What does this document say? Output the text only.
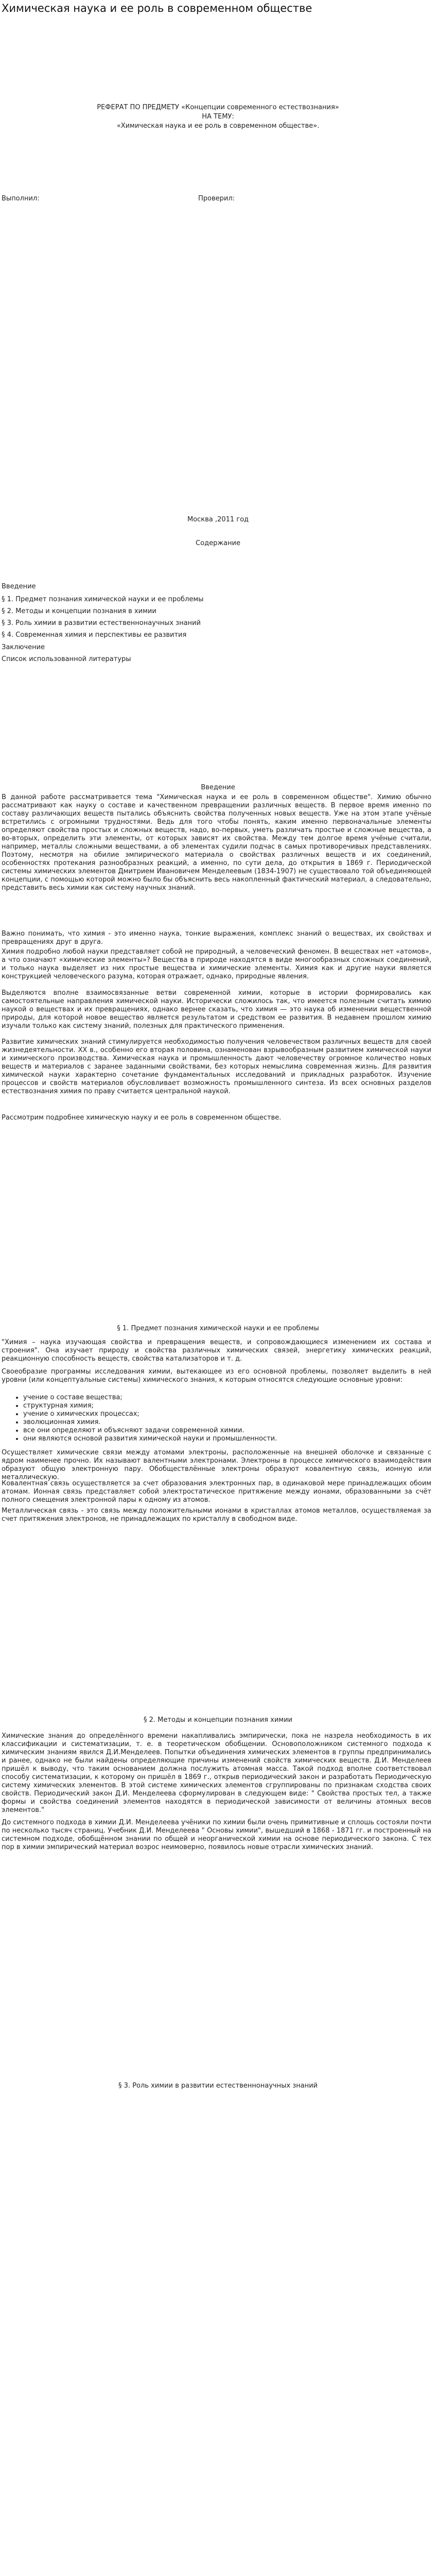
Химическая наука и ее роль в современном обществе
РЕФЕРАТ ПО ПРЕДМЕТУ «Концепции современного естествознания»
НА ТЕМУ:
«Химическая наука и ее роль в современном обществе».
Выполнил:	Проверил:
Москва ,2011 год
Содержание
Введение
§ 1. Предмет познания химической науки и ее проблемы
§ 2. Методы и концепции познания в химии
§ 3. Роль химии в развитии естественнонаучных знаний
§ 4. Современная химия и перспективы ее развития
Заключение
Список использованной литературы
Введение

В данной работе рассматривается тема "Химическая наука и ее роль в современном обществе". Химию обычно рассматривают как науку о составе и качественном превращении различных веществ. В первое время именно по составу различающих веществ пытались объяснить свойства полученных новых веществ. Уже на этом этапе учёные встретились с огромными трудностями. Ведь для того чтобы понять, каким именно первоначальные элементы определяют свойства простых и сложных веществ, надо, во-первых, уметь различать простые и сложные вещества, а во-вторых, определить эти элементы, от которых зависят их свойства. Между тем долгое время учёные считали, например, металлы сложными веществами, а об элементах судили подчас в самых противоречивых представлениях. Поэтому, несмотря на обилие эмпирического материала о свойствах различных веществ и их соединений, особенностях протекания разнообразных реакций, а именно, по сути дела, до открытия в 1869 г. Периодической системы химических элементов Дмитрием Ивановичем Менделеевым (1834-1907) не существовало той объединяющей концепции, с помощью которой можно было бы объяснить весь накопленный фактический материал, а следовательно, представить весь химии как систему научных знаний.

Важно понимать, что химия - это именно наука, тонкие выражения, комплекс знаний о веществах, их свойствах и превращениях друг в друга.

Химия подробно любой науки представляет собой не природный, а человеческий феномен. В веществах нет «атомов», а что означают «химические элементы»? Вещества в природе находятся в виде многообразных сложных соединений, и только наука выделяет из них простые вещества и химические элементы. Химия как и другие науки является конструкцией человеческого разума, которая отражает, однако, природные явления.

Выделяются вполне взаимосвязанные ветви современной химии, которые в истории формировались как самостоятельные направления химической науки. Исторически сложилось так, что имеется полезным считать химию наукой о веществах и их превращениях, однако вернее сказать, что химия — это наука об изменении вещественной природы, для которой новое вещество является результатом и средством ее развития. В недавнем прошлом химию изучали только как систему знаний, полезных для практического применения.

Развитие химических знаний стимулируется необходимостью получения человечеством различных веществ для своей жизнедеятельности. XX в., особенно его вторая половина, ознаменован взрывообразным развитием химической науки и химического производства. Химическая наука и промышленность дают человечеству огромное количество новых веществ и материалов с заранее заданными свойствами, без которых немыслима современная жизнь. Для развития химической науки характерно сочетание фундаментальных исследований и прикладных разработок. Изучение процессов и свойств материалов обусловливает возможность промышленного синтеза. Из всех основных разделов естествознания химия по праву считается центральной наукой.

Рассмотрим подробнее химическую науку и ее роль в современном обществе.

§ 1. Предмет познания химической науки и ее проблемы

"Химия – наука изучающая свойства и превращения веществ, и сопровождающиеся изменением их состава и строения". Она изучает природу и свойства различных химических связей, энергетику химических реакций, реакционную способность веществ, свойства катализаторов и т. д.

Своеобразие программы исследования химии, вытекающее из его основной проблемы, позволяет выделить в ней уровни (или концептуальные системы) химического знания, к которым относятся следующие основные уровни:

• учение о составе вещества;
• структурная химия;
• учение о химических процессах;
• эволюционная химия.
• все они определяют и объясняют задачи современной химии.
• они являются основой развития химической науки и промышленности.

Осуществляет химические связи между атомами электроны, расположенные на внешней оболочке и связанные с ядром наименее прочно. Их называют валентными электронами. Электроны в процессе химического взаимодействия образуют общую электронную пару. Обобществлённые электроны образуют ковалентную связь, ионную или металлическую.

Ковалентная связь осуществляется за счет образования электронных пар, в одинаковой мере принадлежащих обоим атомам. Ионная связь представляет собой электростатическое притяжение между ионами, образованными за счёт полного смещения электронной пары к одному из атомов.

Металлическая связь - это связь между положительными ионами в кристаллах атомов металлов, осуществляемая за счет притяжения электронов, не принадлежащих по кристаллу в свободном виде.

§ 2. Методы и концепции познания химии

Химические знания до определённого времени накапливались эмпирически, пока не назрела необходимость в их классификации и систематизации, т. е. в теоретическом обобщении. Основоположником системного подхода к химическим знаниям явился Д.И.Менделеев. Попытки объединения химических элементов в группы предпринимались и ранее, однако не были найдены определяющие причины изменений свойств химических веществ. Д.И. Менделеев пришёл к выводу, что таким основанием должна послужить атомная масса. Такой подход вполне соответствовал способу систематизации, к которому он пришёл в 1869 г., открыв периодический закон и разработать Периодическую систему химических элементов. В этой системе химических элементов сгруппированы по признакам сходства своих свойств. Периодический закон Д.И. Менделеева сформулирован в следующем виде: " Свойства простых тел, а также формы и свойства соединений элементов находятся в периодической зависимости от величины атомных весов элементов."

До системного подхода в химии Д.И. Менделеева учёники по химии были очень примитивные и сплошь состояли почти по несколько тысяч страниц. Учебник Д.И. Менделеева " Основы химии", вышедший в 1868 - 1871 гг. и построенный на системном подходе, обобщённом знании по общей и неорганической химии на основе периодического закона. С тех пор в химии эмпирический материал возрос неимоверно, появилось новые отрасли химических знаний.

§ 3. Роль химии в развитии естественнонаучных знаний
